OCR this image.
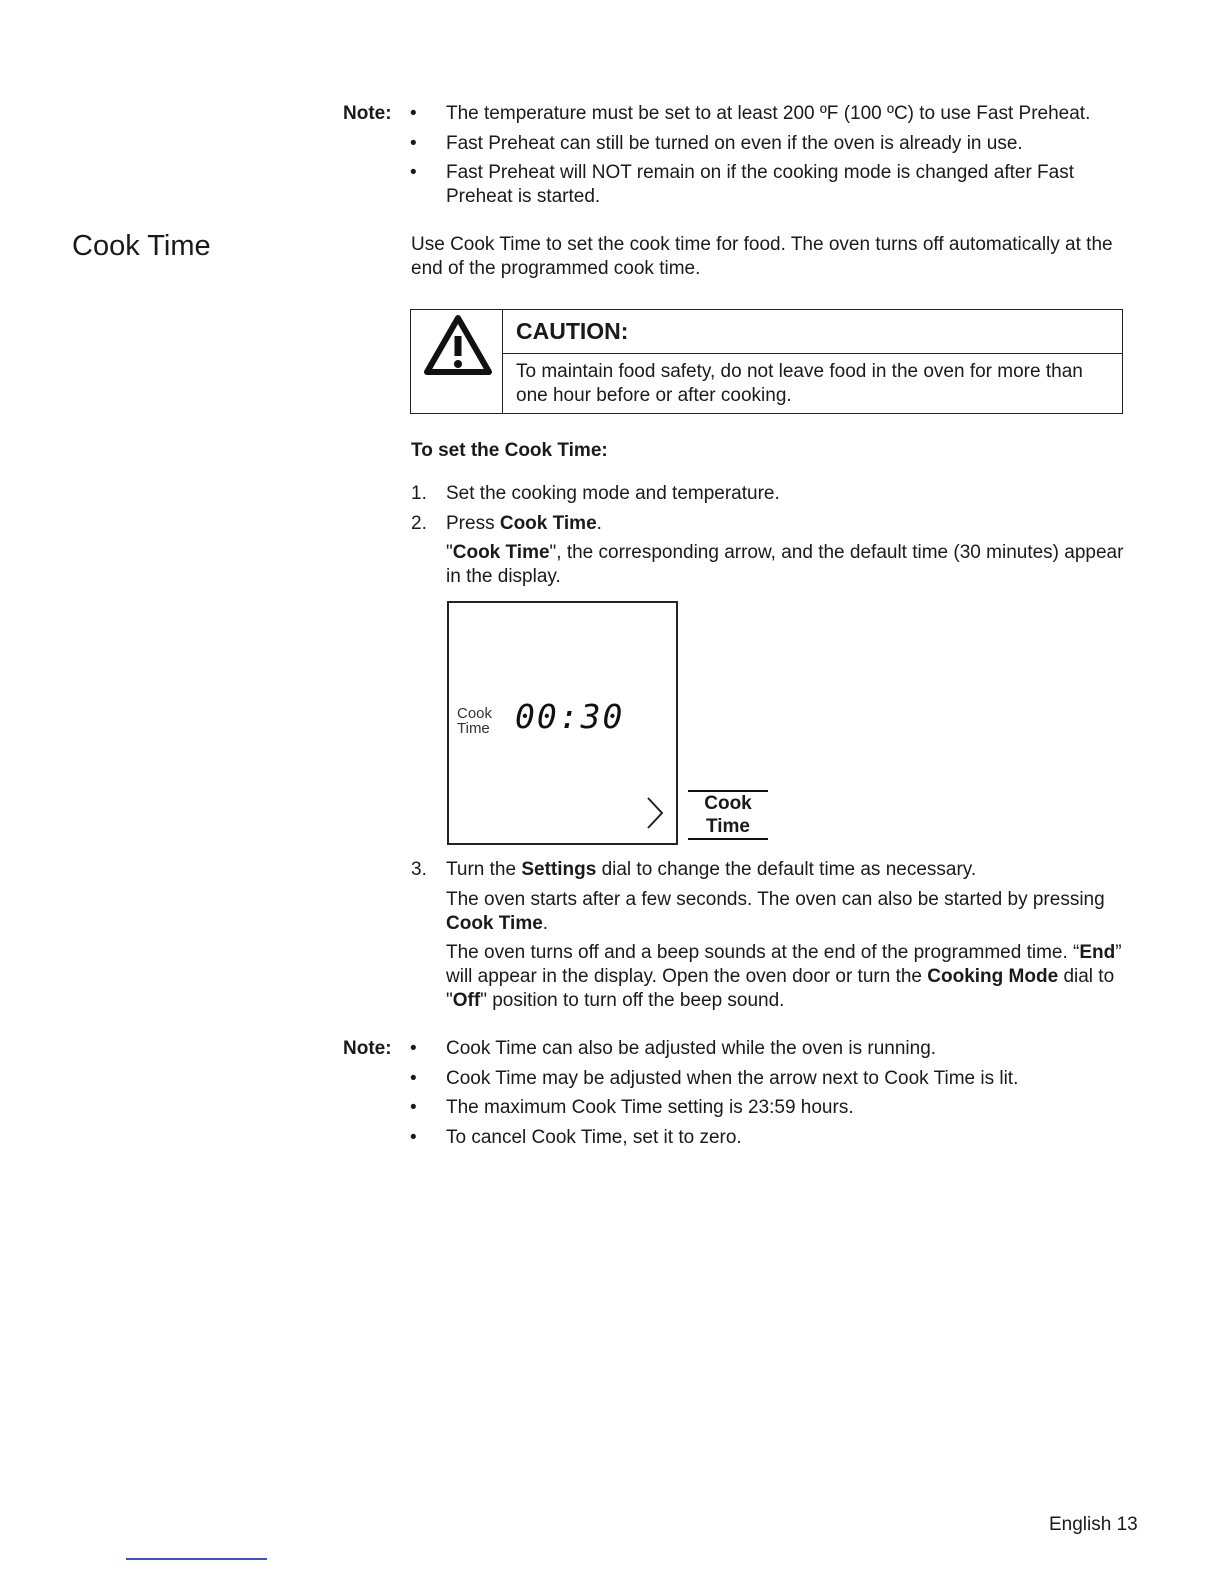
Note: • The temperature must be set to at least 200 ºF (100 ºC) to use Fast Preheat.
• Fast Preheat can still be turned on even if the oven is already in use.
• Fast Preheat will NOT remain on if the cooking mode is changed after Fast Preheat is started.
Cook Time	Use Cook Time to set the cook time for food. The oven turns off automatically at the end of the programmed cook time.
CAUTION:
To maintain food safety, do not leave food in the oven for more than one hour before or after cooking.
To set the Cook Time:
1. Set the cooking mode and temperature.
2. Press Cook Time.
"Cook Time", the corresponding arrow, and the default time (30 minutes) appear in the display.
Cook
Time 00:30
Cook
Time
3. Turn the Settings dial to change the default time as necessary.
The oven starts after a few seconds. The oven can also be started by pressing Cook Time.
The oven turns off and a beep sounds at the end of the programmed time. “End” will appear in the display. Open the oven door or turn the Cooking Mode dial to "Off" position to turn off the beep sound.
Note: • Cook Time can also be adjusted while the oven is running.
• Cook Time may be adjusted when the arrow next to Cook Time is lit.
• The maximum Cook Time setting is 23:59 hours.
• To cancel Cook Time, set it to zero.
English 13
